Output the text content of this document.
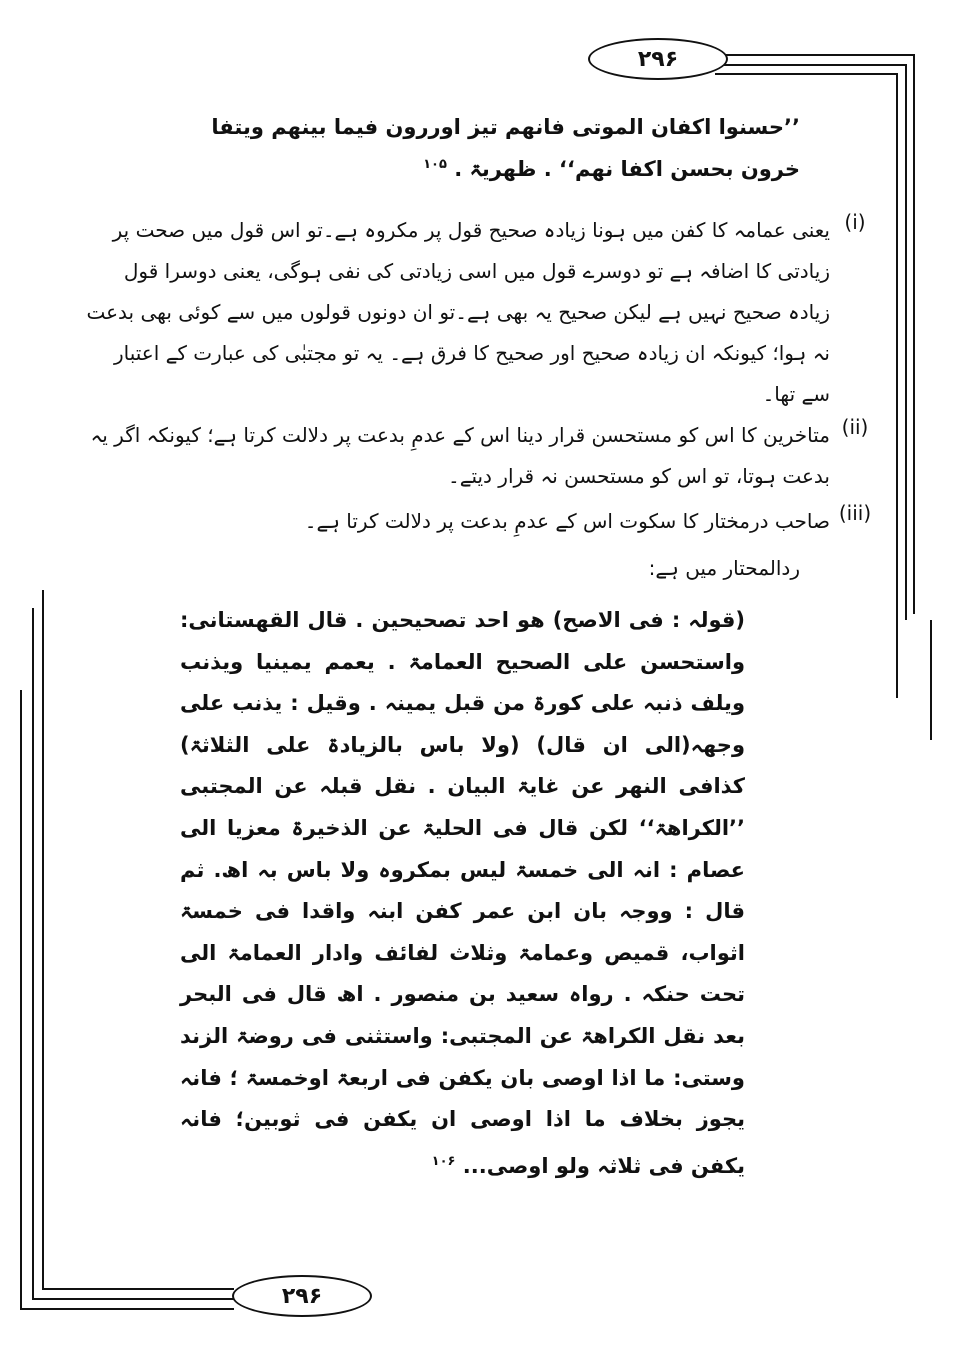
۲۹۶
۲۹۶

’’حسنوا اکفان الموتی فانھم تیز اوررون فیما بینھم ویتفا خرون بحسن اکفا نھم‘‘ . ظھریۃ . $^{۱۰۵}$

(i)
یعنی عمامہ کا کفن میں ہونا زیادہ صحیح قول پر مکروہ ہے۔تو اس قول میں صحت پر زیادتی کا اضافہ ہے تو دوسرے قول میں اسی زیادتی کی نفی ہوگی، یعنی دوسرا قول زیادہ صحیح نہیں ہے لیکن صحیح یہ بھی ہے۔تو ان دونوں قولوں میں سے کوئی بھی بدعت نہ ہوا؛ کیونکہ ان زیادہ صحیح اور صحیح کا فرق ہے۔ یہ تو مجتبٰی کی عبارت کے اعتبار سے تھا۔
(ii)
متاخرین کا اس کو مستحسن قرار دینا اس کے عدمِ بدعت پر دلالت کرتا ہے؛ کیونکہ اگر یہ بدعت ہوتا، تو اس کو مستحسن نہ قرار دیتے۔
(iii)
صاحب درمختار کا سکوت اس کے عدمِ بدعت پر دلالت کرتا ہے۔

ردالمحتار میں ہے:

(قولہ : فی الاصح) ھو احد تصحیحین . قال القھستانی: واستحسن علی الصحیح العمامۃ . یعمم یمینیا ویذنب ویلف ذنبہ علی کورۃ من قبل یمینہ . وقیل : یذنب علی وجھہ(الی ان قال) (ولا باس بالزیادۃ علی الثلاثۃ) کذافی النھر عن غایۃ البیان . نقل قبلہ عن المجتبی ’’الکراھۃ‘‘ لکن قال فی الحلیۃ عن الذخیرۃ معزیا الی عصام : انہ الی خمسۃ لیس بمکروہ ولا باس بہ اھ. ثم قال : ووجہ بان ابن عمر کفن ابنہ واقدا فی خمسۃ اثواب، قمیص وعمامۃ وثلاث لفائف وادار العمامۃ الی تحت حنکہ . رواہ سعید بن منصور . اھ قال فی البحر بعد نقل الکراھۃ عن المجتبی: واستثنی فی روضۃ الزند وستی: ما اذا اوصی بان یکفن فی اربعۃ اوخمسۃ ؛ فانہ یجوز بخلاف ما اذا اوصی ان یکفن فی ثوبین؛ فانہ یکفن فی ثلاثہ ولو اوصی... $^{۱۰۶}$
